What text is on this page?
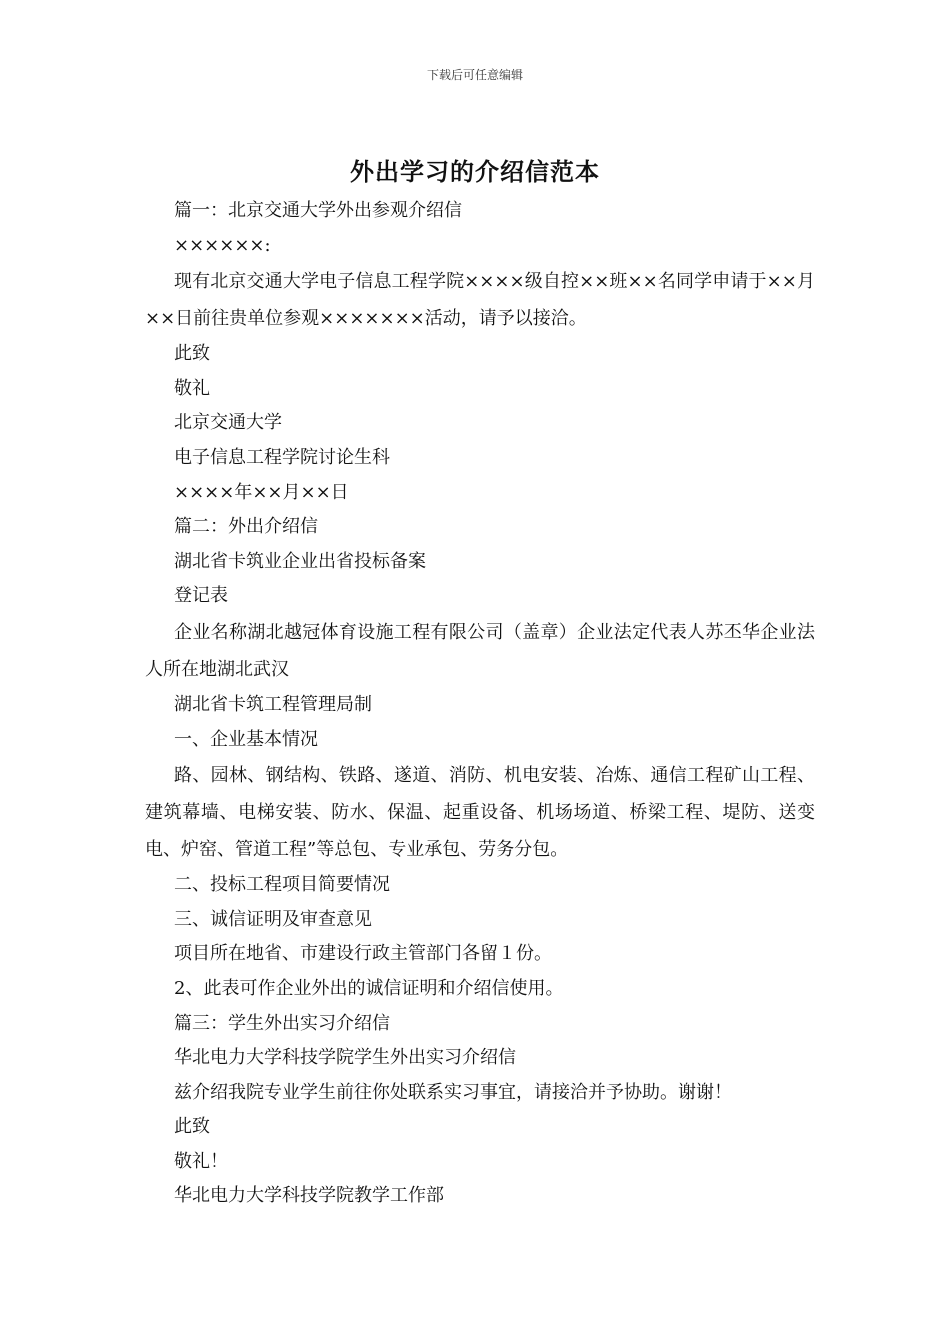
下载后可任意编辑
外出学习的介绍信范本

篇一：北京交通大学外出参观介绍信

××××××:

现有北京交通大学电子信息工程学院××××级自控××班××名同学申请于××月××日前往贵单位参观×××××××活动，请予以接洽。

此致

敬礼

北京交通大学

电子信息工程学院讨论生科

××××年××月××日

篇二：外出介绍信

湖北省卡筑业企业出省投标备案

登记表

企业名称湖北越冠体育设施工程有限公司（盖章）企业法定代表人苏丕华企业法人所在地湖北武汉

湖北省卡筑工程管理局制

一、企业基本情况

路、园林、钢结构、铁路、遂道、消防、机电安装、冶炼、通信工程矿山工程、建筑幕墙、电梯安装、防水、保温、起重设备、机场场道、桥梁工程、堤防、送变电、炉窑、管道工程”等总包、专业承包、劳务分包。

二、投标工程项目简要情况

三、诚信证明及审查意见

项目所在地省、市建设行政主管部门各留１份。

2、此表可作企业外出的诚信证明和介绍信使用。

篇三：学生外出实习介绍信

华北电力大学科技学院学生外出实习介绍信

兹介绍我院专业学生前往你处联系实习事宜，请接洽并予协助。谢谢！

此致

敬礼！

华北电力大学科技学院教学工作部
